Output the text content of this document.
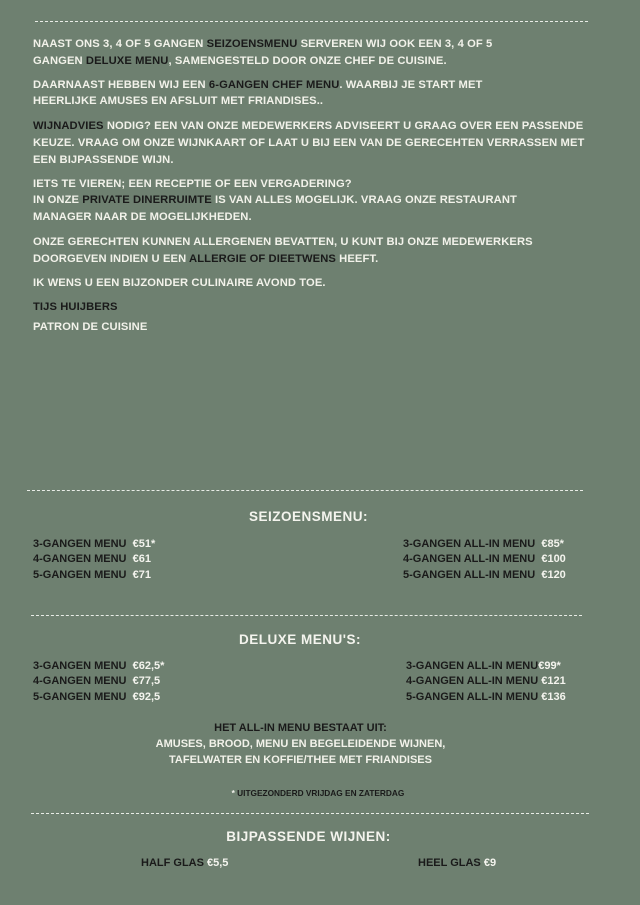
NAAST ONS 3, 4 OF 5 GANGEN SEIZOENSMENU SERVEREN WIJ OOK EEN 3, 4 OF 5 GANGEN DELUXE MENU, SAMENGESTELD DOOR ONZE CHEF DE CUISINE.

DAARNAAST HEBBEN WIJ EEN 6-GANGEN CHEF MENU. WAARBIJ JE START MET HEERLIJKE AMUSES EN AFSLUIT MET FRIANDISES..

WIJNADVIES NODIG? EEN VAN ONZE MEDEWERKERS ADVISEERT U GRAAG OVER EEN PASSENDE KEUZE. VRAAG OM ONZE WIJNKAART OF LAAT U BIJ EEN VAN DE GERECEHTEN VERRASSEN MET EEN BIJPASSENDE WIJN.

IETS TE VIEREN; EEN RECEPTIE OF EEN VERGADERING?

IN ONZE PRIVATE DINERRUIMTE IS VAN ALLES MOGELIJK. VRAAG ONZE RESTAURANT MANAGER NAAR DE MOGELIJKHEDEN.

ONZE GERECHTEN KUNNEN ALLERGENEN BEVATTEN, U KUNT BIJ ONZE MEDEWERKERS DOORGEVEN INDIEN U EEN ALLERGIE OF DIEETWENS HEEFT.

IK WENS U EEN BIJZONDER CULINAIRE AVOND TOE.

TIJS HUIJBERS

PATRON DE CUISINE

SEIZOENSMENU:
3-GANGEN MENU €51*
4-GANGEN MENU €61
5-GANGEN MENU €71
3-GANGEN ALL-IN MENU €85*
4-GANGEN ALL-IN MENU €100
5-GANGEN ALL-IN MENU €120
DELUXE MENU'S:
3-GANGEN MENU €62,5*
4-GANGEN MENU €77,5
5-GANGEN MENU €92,5
3-GANGEN ALL-IN MENU€99*
4-GANGEN ALL-IN MENU €121
5-GANGEN ALL-IN MENU €136
HET ALL-IN MENU BESTAAT UIT:
AMUSES, BROOD, MENU EN BEGELEIDENDE WIJNEN,
TAFELWATER EN KOFFIE/THEE MET FRIANDISES
* UITGEZONDERD VRIJDAG EN ZATERDAG
BIJPASSENDE WIJNEN:
HALF GLAS €5,5	HEEL GLAS €9
